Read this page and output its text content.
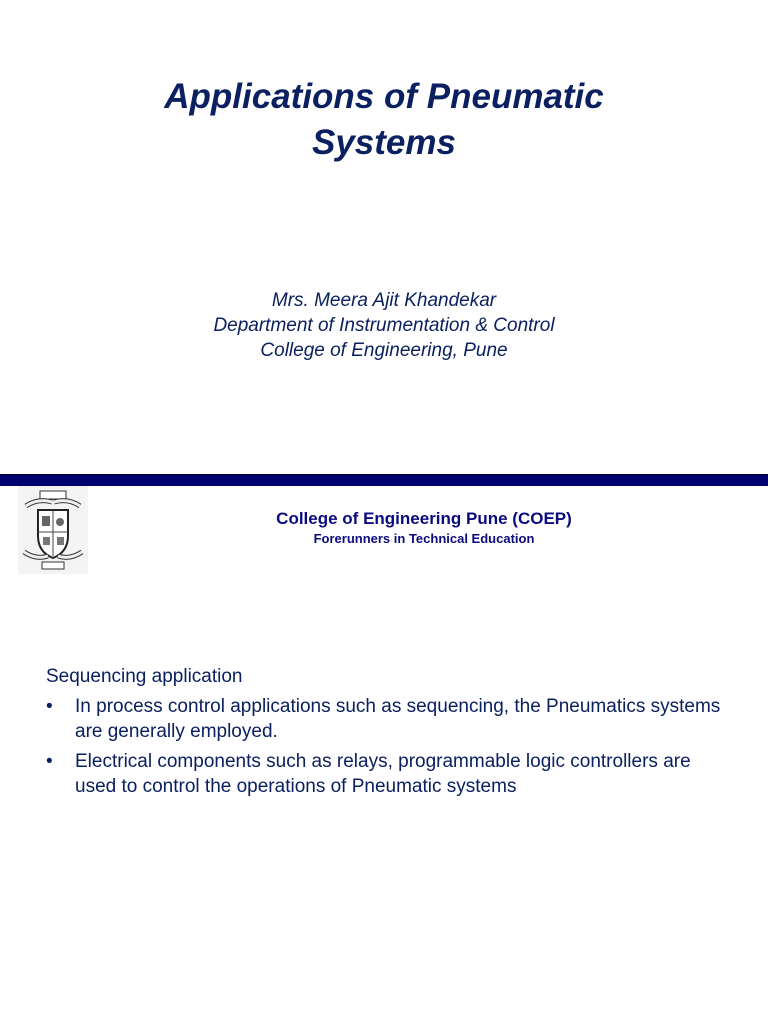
Applications of Pneumatic
Systems
Mrs. Meera Ajit Khandekar
Department of Instrumentation & Control
College of Engineering, Pune
College of Engineering Pune (COEP)
Forerunners in Technical Education
Sequencing application
• In process control applications such as sequencing, the Pneumatics systems are generally employed.
• Electrical components such as relays, programmable logic controllers are used to control the operations of Pneumatic systems
